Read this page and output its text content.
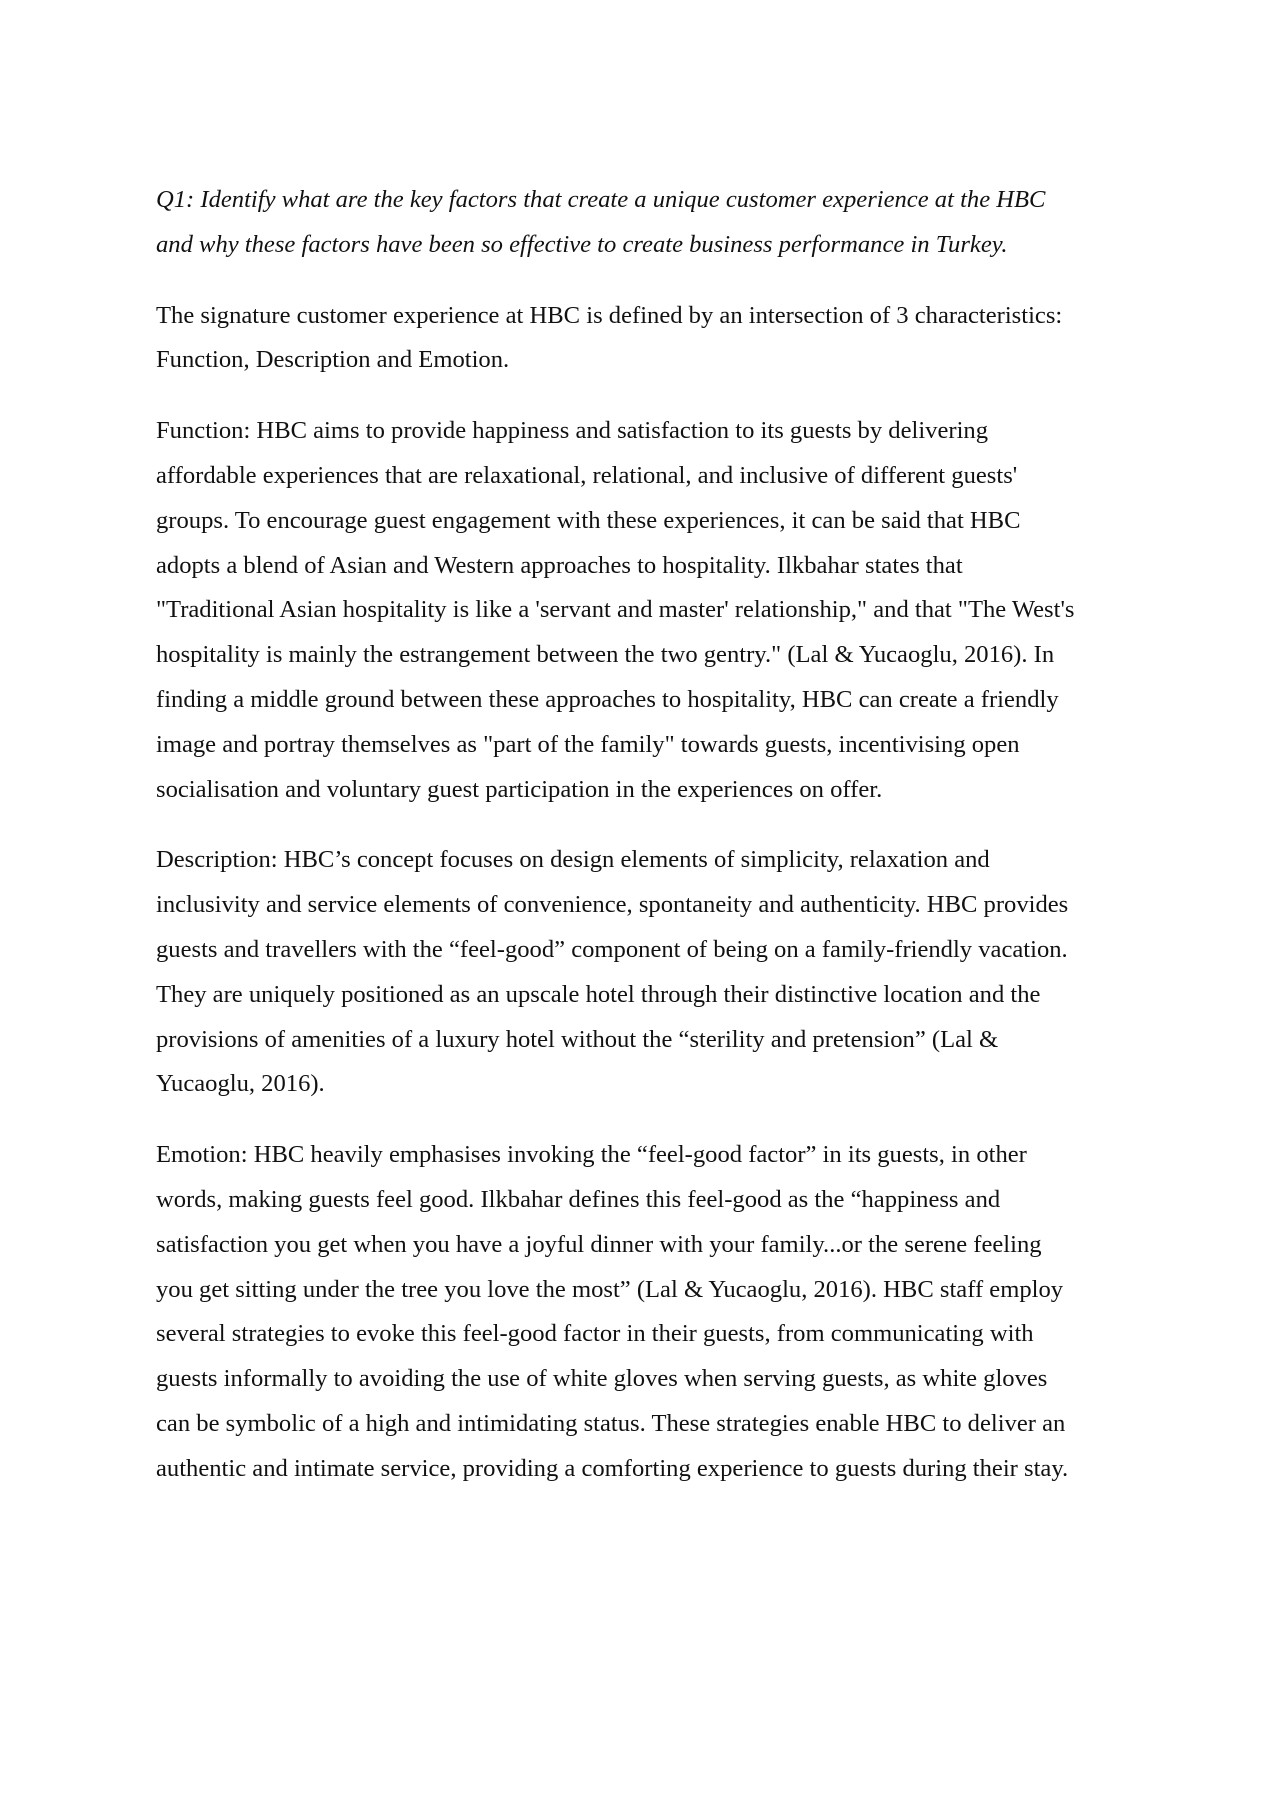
Q1: Identify what are the key factors that create a unique customer experience at the HBC
and why these factors have been so effective to create business performance in Turkey.

The signature customer experience at HBC is defined by an intersection of 3 characteristics:
Function, Description and Emotion.

Function: HBC aims to provide happiness and satisfaction to its guests by delivering
affordable experiences that are relaxational, relational, and inclusive of different guests'
groups. To encourage guest engagement with these experiences, it can be said that HBC
adopts a blend of Asian and Western approaches to hospitality. Ilkbahar states that
"Traditional Asian hospitality is like a 'servant and master' relationship," and that "The West's
hospitality is mainly the estrangement between the two gentry." (Lal & Yucaoglu, 2016). In
finding a middle ground between these approaches to hospitality, HBC can create a friendly
image and portray themselves as "part of the family" towards guests, incentivising open
socialisation and voluntary guest participation in the experiences on offer.

Description: HBC’s concept focuses on design elements of simplicity, relaxation and
inclusivity and service elements of convenience, spontaneity and authenticity. HBC provides
guests and travellers with the “feel-good” component of being on a family-friendly vacation.
They are uniquely positioned as an upscale hotel through their distinctive location and the
provisions of amenities of a luxury hotel without the “sterility and pretension” (Lal &
Yucaoglu, 2016).

Emotion: HBC heavily emphasises invoking the “feel-good factor” in its guests, in other
words, making guests feel good. Ilkbahar defines this feel-good as the “happiness and
satisfaction you get when you have a joyful dinner with your family...or the serene feeling
you get sitting under the tree you love the most” (Lal & Yucaoglu, 2016). HBC staff employ
several strategies to evoke this feel-good factor in their guests, from communicating with
guests informally to avoiding the use of white gloves when serving guests, as white gloves
can be symbolic of a high and intimidating status. These strategies enable HBC to deliver an
authentic and intimate service, providing a comforting experience to guests during their stay.
